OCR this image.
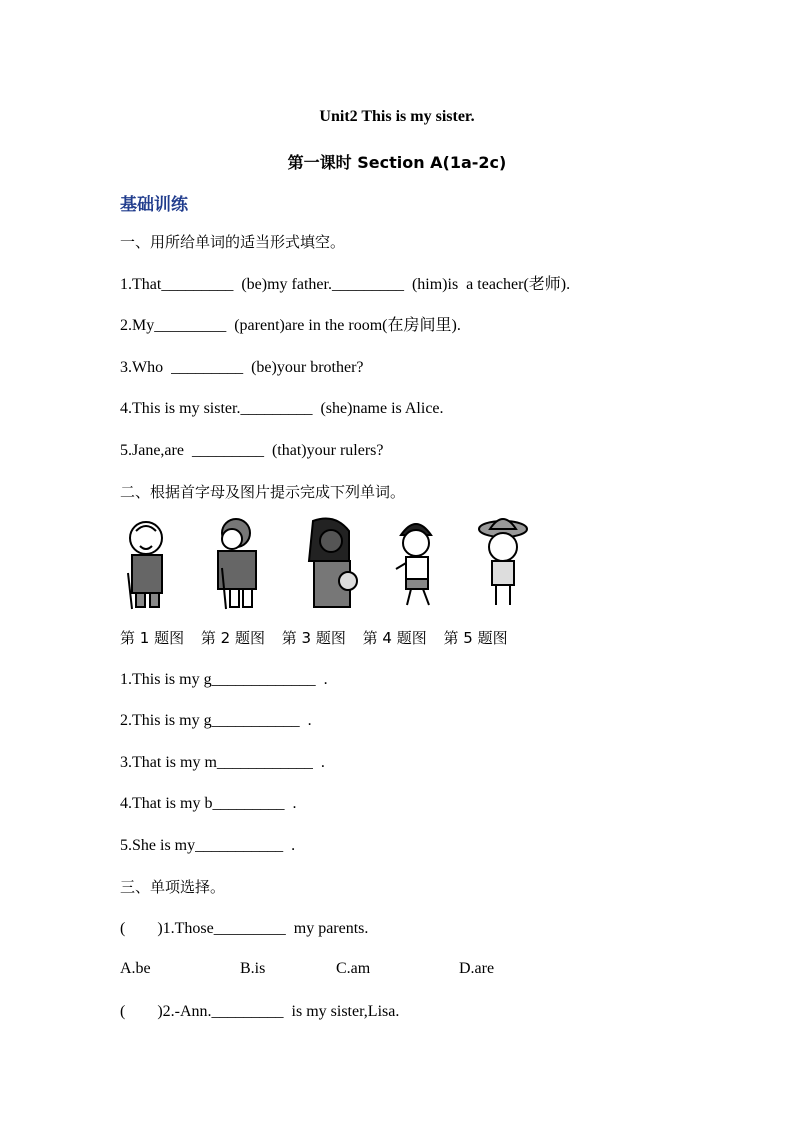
Unit2 This is my sister.
第一课时 Section A(1a-2c)
基础训练
一、用所给单词的适当形式填空。
1.That_________  (be)my father._________  (him)is  a teacher(老师).
2.My_________  (parent)are in the room(在房间里).
3.Who  _________  (be)your brother?
4.This is my sister._________  (she)name is Alice.
5.Jane,are  _________  (that)your rulers?
二、根据首字母及图片提示完成下列单词。
第 1 题图 第 2 题图 第 3 题图 第 4 题图 第 5 题图
1.This is my g_____________  .
2.This is my g___________  .
3.That is my m____________  .
4.That is my b_________  .
5.She is my___________  .
三、单项选择。
(        )1.Those_________  my parents.
A.be	B.is	C.am	D.are
(        )2.-Ann._________  is my sister,Lisa.
